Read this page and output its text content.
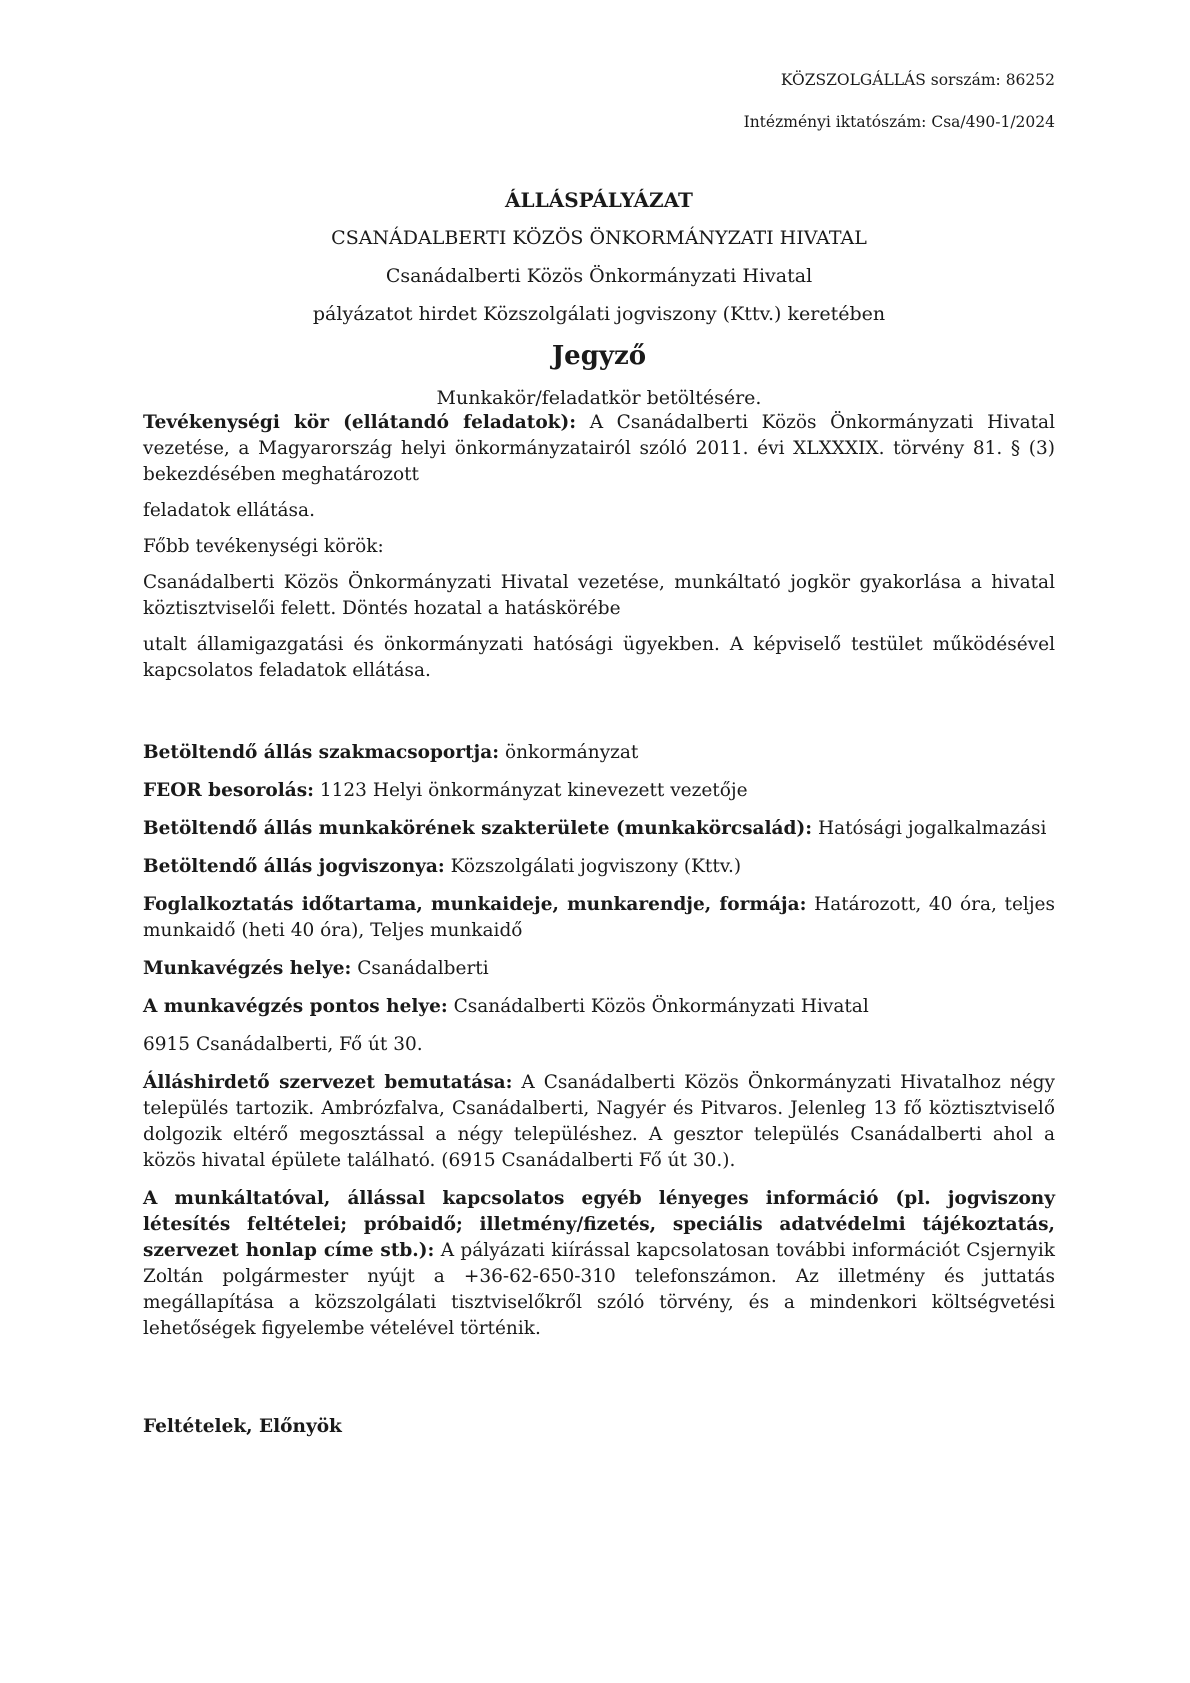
KÖZSZOLGÁLLÁS sorszám: 86252
Intézményi iktatószám: Csa/490-1/2024
ÁLLÁSPÁLYÁZAT
CSANÁDALBERTI KÖZÖS ÖNKORMÁNYZATI HIVATAL
Csanádalberti Közös Önkormányzati Hivatal
pályázatot hirdet Közszolgálati jogviszony (Kttv.) keretében
Jegyző
Munkakör/feladatkör betöltésére.

Tevékenységi kör (ellátandó feladatok): A Csanádalberti Közös Önkormányzati Hivatal vezetése, a Magyarország helyi önkormányzatairól szóló 2011. évi XLXXXIX. törvény 81. § (3) bekezdésében meghatározott

feladatok ellátása.

Főbb tevékenységi körök:

Csanádalberti Közös Önkormányzati Hivatal vezetése, munkáltató jogkör gyakorlása a hivatal köztisztviselői felett. Döntés hozatal a hatáskörébe

utalt államigazgatási és önkormányzati hatósági ügyekben. A képviselő testület működésével kapcsolatos feladatok ellátása.

Betöltendő állás szakmacsoportja: önkormányzat

FEOR besorolás: 1123 Helyi önkormányzat kinevezett vezetője

Betöltendő állás munkakörének szakterülete (munkakörcsalád): Hatósági jogalkalmazási

Betöltendő állás jogviszonya: Közszolgálati jogviszony (Kttv.)

Foglalkoztatás időtartama, munkaideje, munkarendje, formája: Határozott, 40 óra, teljes munkaidő (heti 40 óra), Teljes munkaidő

Munkavégzés helye: Csanádalberti

A munkavégzés pontos helye: Csanádalberti Közös Önkormányzati Hivatal

6915 Csanádalberti, Fő út 30.

Álláshirdető szervezet bemutatása: A Csanádalberti Közös Önkormányzati Hivatalhoz négy település tartozik. Ambrózfalva, Csanádalberti, Nagyér és Pitvaros. Jelenleg 13 fő köztisztviselő dolgozik eltérő megosztással a négy településhez. A gesztor település Csanádalberti ahol a közös hivatal épülete található. (6915 Csanádalberti Fő út 30.).

A munkáltatóval, állással kapcsolatos egyéb lényeges információ (pl. jogviszony létesítés feltételei; próbaidő; illetmény/fizetés, speciális adatvédelmi tájékoztatás, szervezet honlap címe stb.): A pályázati kiírással kapcsolatosan további információt Csjernyik Zoltán polgármester nyújt a +36-62-650-310 telefonszámon. Az illetmény és juttatás megállapítása a közszolgálati tisztviselőkről szóló törvény, és a mindenkori költségvetési lehetőségek figyelembe vételével történik.

Feltételek, Előnyök
